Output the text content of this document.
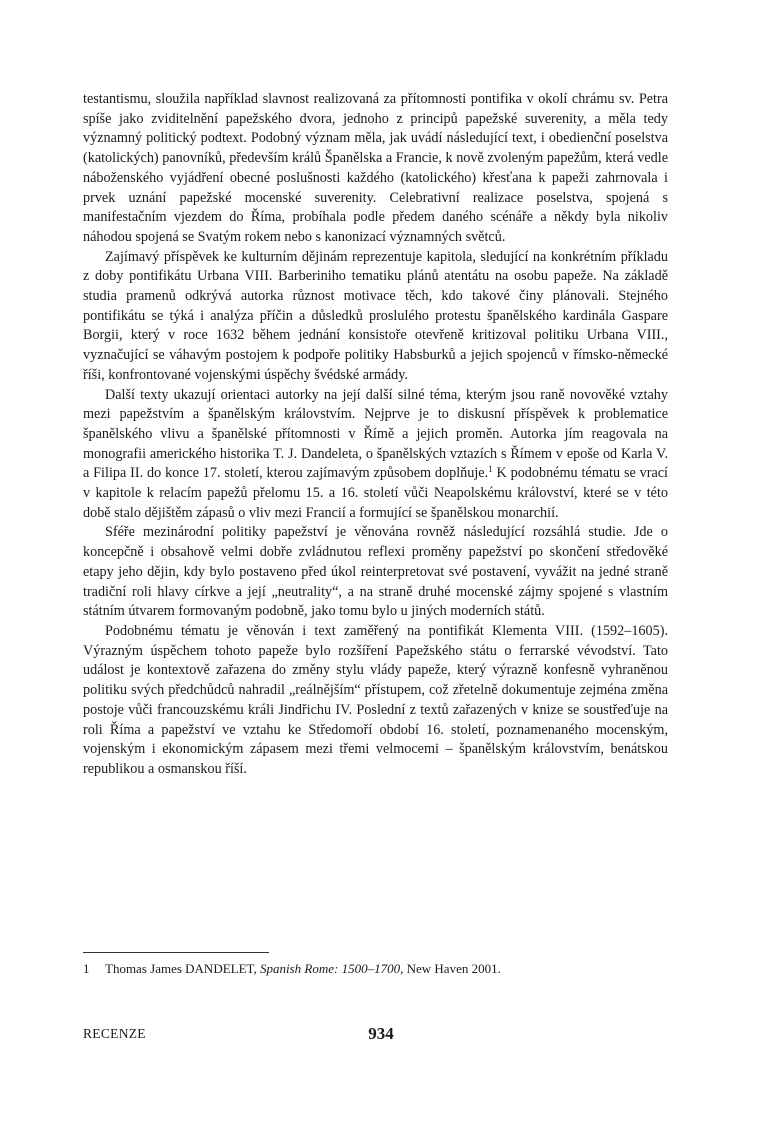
testantismu, sloužila například slavnost realizovaná za přítomnosti pontifika v okolí chrámu sv. Petra spíše jako zviditelnění papežského dvora, jednoho z principů papežské suverenity, a měla tedy významný politický podtext. Podobný význam měla, jak uvádí následující text, i obedienční poselstva (katolických) panovníků, především králů Španělska a Francie, k nově zvoleným papežům, která vedle náboženského vyjádření obecné poslušnosti každého (katolického) křesťana k papeži zahrnovala i prvek uznání papežské mocenské suverenity. Celebrativní realizace poselstva, spojená s manifestačním vjezdem do Říma, probíhala podle předem daného scénáře a někdy byla nikoliv náhodou spojená se Svatým rokem nebo s kanonizací významných světců.

Zajímavý příspěvek ke kulturním dějinám reprezentuje kapitola, sledující na konkrétním příkladu z doby pontifikátu Urbana VIII. Barberiniho tematiku plánů atentátu na osobu papeže. Na základě studia pramenů odkrývá autorka různost motivace těch, kdo takové činy plánovali. Stejného pontifikátu se týká i analýza příčin a důsledků proslulého protestu španělského kardinála Gaspare Borgii, který v roce 1632 během jednání konsistoře otevřeně kritizoval politiku Urbana VIII., vyznačující se váhavým postojem k podpoře politiky Habsburků a jejich spojenců v římsko-německé říši, konfrontované vojenskými úspěchy švédské armády.

Další texty ukazují orientaci autorky na její další silné téma, kterým jsou raně novověké vztahy mezi papežstvím a španělským královstvím. Nejprve je to diskusní příspěvek k problematice španělského vlivu a španělské přítomnosti v Římě a jejich proměn. Autorka jím reagovala na monografii amerického historika T. J. Dandeleta, o španělských vztazích s Římem v epoše od Karla V. a Filipa II. do konce 17. století, kterou zajímavým způsobem doplňuje.$^1$ K podobnému tématu se vrací v kapitole k relacím papežů přelomu 15. a 16. století vůči Neapolskému království, které se v této době stalo dějištěm zápasů o vliv mezi Francií a formující se španělskou monarchií.

Sféře mezinárodní politiky papežství je věnována rovněž následující rozsáhlá studie. Jde o koncepčně i obsahově velmi dobře zvládnutou reflexi proměny papežství po skončení středověké etapy jeho dějin, kdy bylo postaveno před úkol reinterpretovat své postavení, vyvážit na jedné straně tradiční roli hlavy církve a její „neutrality“, a na straně druhé mocenské zájmy spojené s vlastním státním útvarem formovaným podobně, jako tomu bylo u jiných moderních států.

Podobnému tématu je věnován i text zaměřený na pontifikát Klementa VIII. (1592–1605). Výrazným úspěchem tohoto papeže bylo rozšíření Papežského státu o ferrarské vévodství. Tato událost je kontextově zařazena do změny stylu vlády papeže, který výrazně konfesně vyhraněnou politiku svých předchůdců nahradil „reálnějším“ přístupem, což zřetelně dokumentuje zejména změna postoje vůči francouzskému králi Jindřichu IV. Poslední z textů zařazených v knize se soustřeďuje na roli Říma a papežství ve vztahu ke Středomoří období 16. století, poznamenaného mocenským, vojenským i ekonomickým zápasem mezi třemi velmocemi – španělským královstvím, benátskou republikou a osmanskou říší.

1 Thomas James DANDELET, Spanish Rome: 1500–1700, New Haven 2001.
RECENZE	934
